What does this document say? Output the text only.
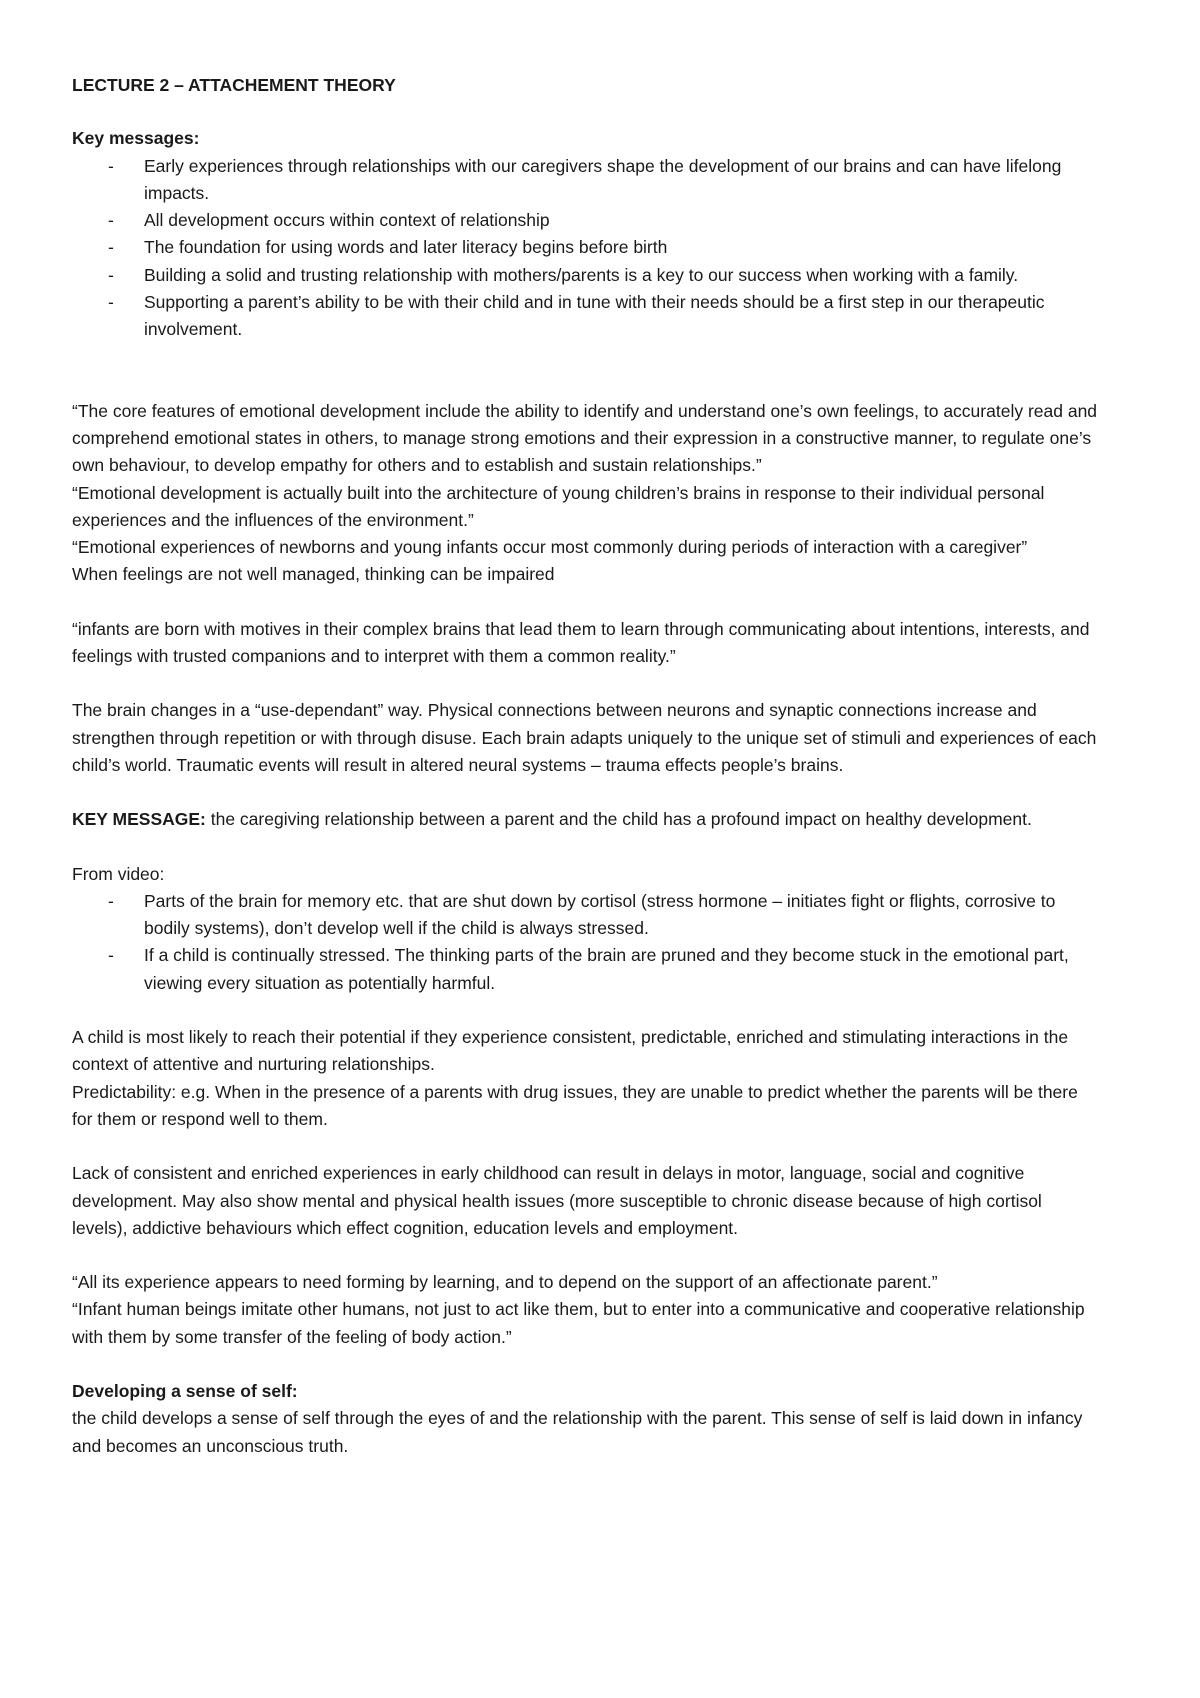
LECTURE 2 – ATTACHEMENT THEORY
Key messages:
- Early experiences through relationships with our caregivers shape the development of our brains and can have lifelong impacts.
- All development occurs within context of relationship
- The foundation for using words and later literacy begins before birth
- Building a solid and trusting relationship with mothers/parents is a key to our success when working with a family.
- Supporting a parent’s ability to be with their child and in tune with their needs should be a first step in our therapeutic involvement.

“The core features of emotional development include the ability to identify and understand one’s own feelings, to accurately read and comprehend emotional states in others, to manage strong emotions and their expression in a constructive manner, to regulate one’s own behaviour, to develop empathy for others and to establish and sustain relationships.”

“Emotional development is actually built into the architecture of young children’s brains in response to their individual personal experiences and the influences of the environment.”

“Emotional experiences of newborns and young infants occur most commonly during periods of interaction with a caregiver”

When feelings are not well managed, thinking can be impaired

“infants are born with motives in their complex brains that lead them to learn through communicating about intentions, interests, and feelings with trusted companions and to interpret with them a common reality.”

The brain changes in a “use-dependant” way. Physical connections between neurons and synaptic connections increase and strengthen through repetition or with through disuse. Each brain adapts uniquely to the unique set of stimuli and experiences of each child’s world. Traumatic events will result in altered neural systems – trauma effects people’s brains.

KEY MESSAGE: the caregiving relationship between a parent and the child has a profound impact on healthy development.

From video:

- Parts of the brain for memory etc. that are shut down by cortisol (stress hormone – initiates fight or flights, corrosive to bodily systems), don’t develop well if the child is always stressed.
- If a child is continually stressed. The thinking parts of the brain are pruned and they become stuck in the emotional part, viewing every situation as potentially harmful.

A child is most likely to reach their potential if they experience consistent, predictable, enriched and stimulating interactions in the context of attentive and nurturing relationships.

Predictability: e.g. When in the presence of a parents with drug issues, they are unable to predict whether the parents will be there for them or respond well to them.

Lack of consistent and enriched experiences in early childhood can result in delays in motor, language, social and cognitive development. May also show mental and physical health issues (more susceptible to chronic disease because of high cortisol levels), addictive behaviours which effect cognition, education levels and employment.

“All its experience appears to need forming by learning, and to depend on the support of an affectionate parent.”

“Infant human beings imitate other humans, not just to act like them, but to enter into a communicative and cooperative relationship with them by some transfer of the feeling of body action.”

Developing a sense of self:

the child develops a sense of self through the eyes of and the relationship with the parent. This sense of self is laid down in infancy and becomes an unconscious truth.
